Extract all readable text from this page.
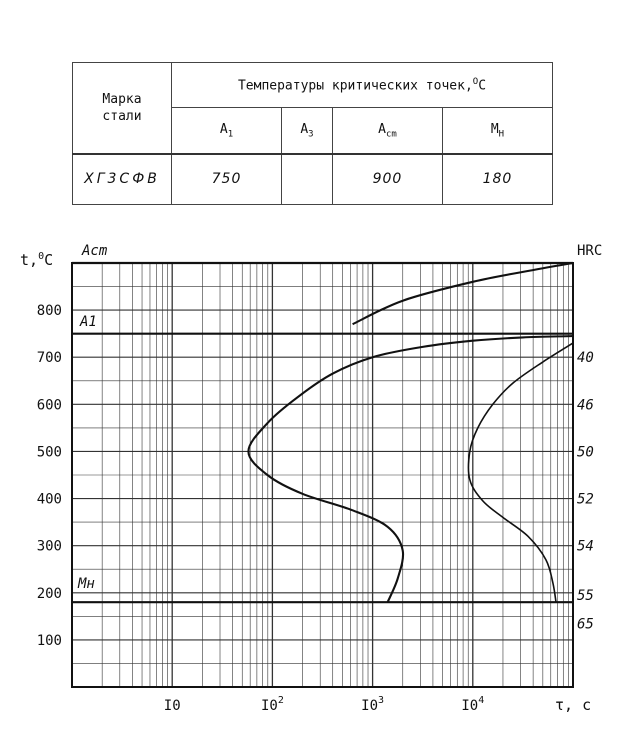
Марка
стали	Температуры критических точек,$^O$C			
	$A_1$	$A_3$	$A_{cm}$	$M_H$
ХГ3СФВ	750		900	180
100
200
300
400
500
600
700
800
I0	$I0^2$	$I0^3$	$I0^4$
40
46
50
52
54
55
65
t,$^0$C	HRC
τ, c
Acm
A1
Mн
